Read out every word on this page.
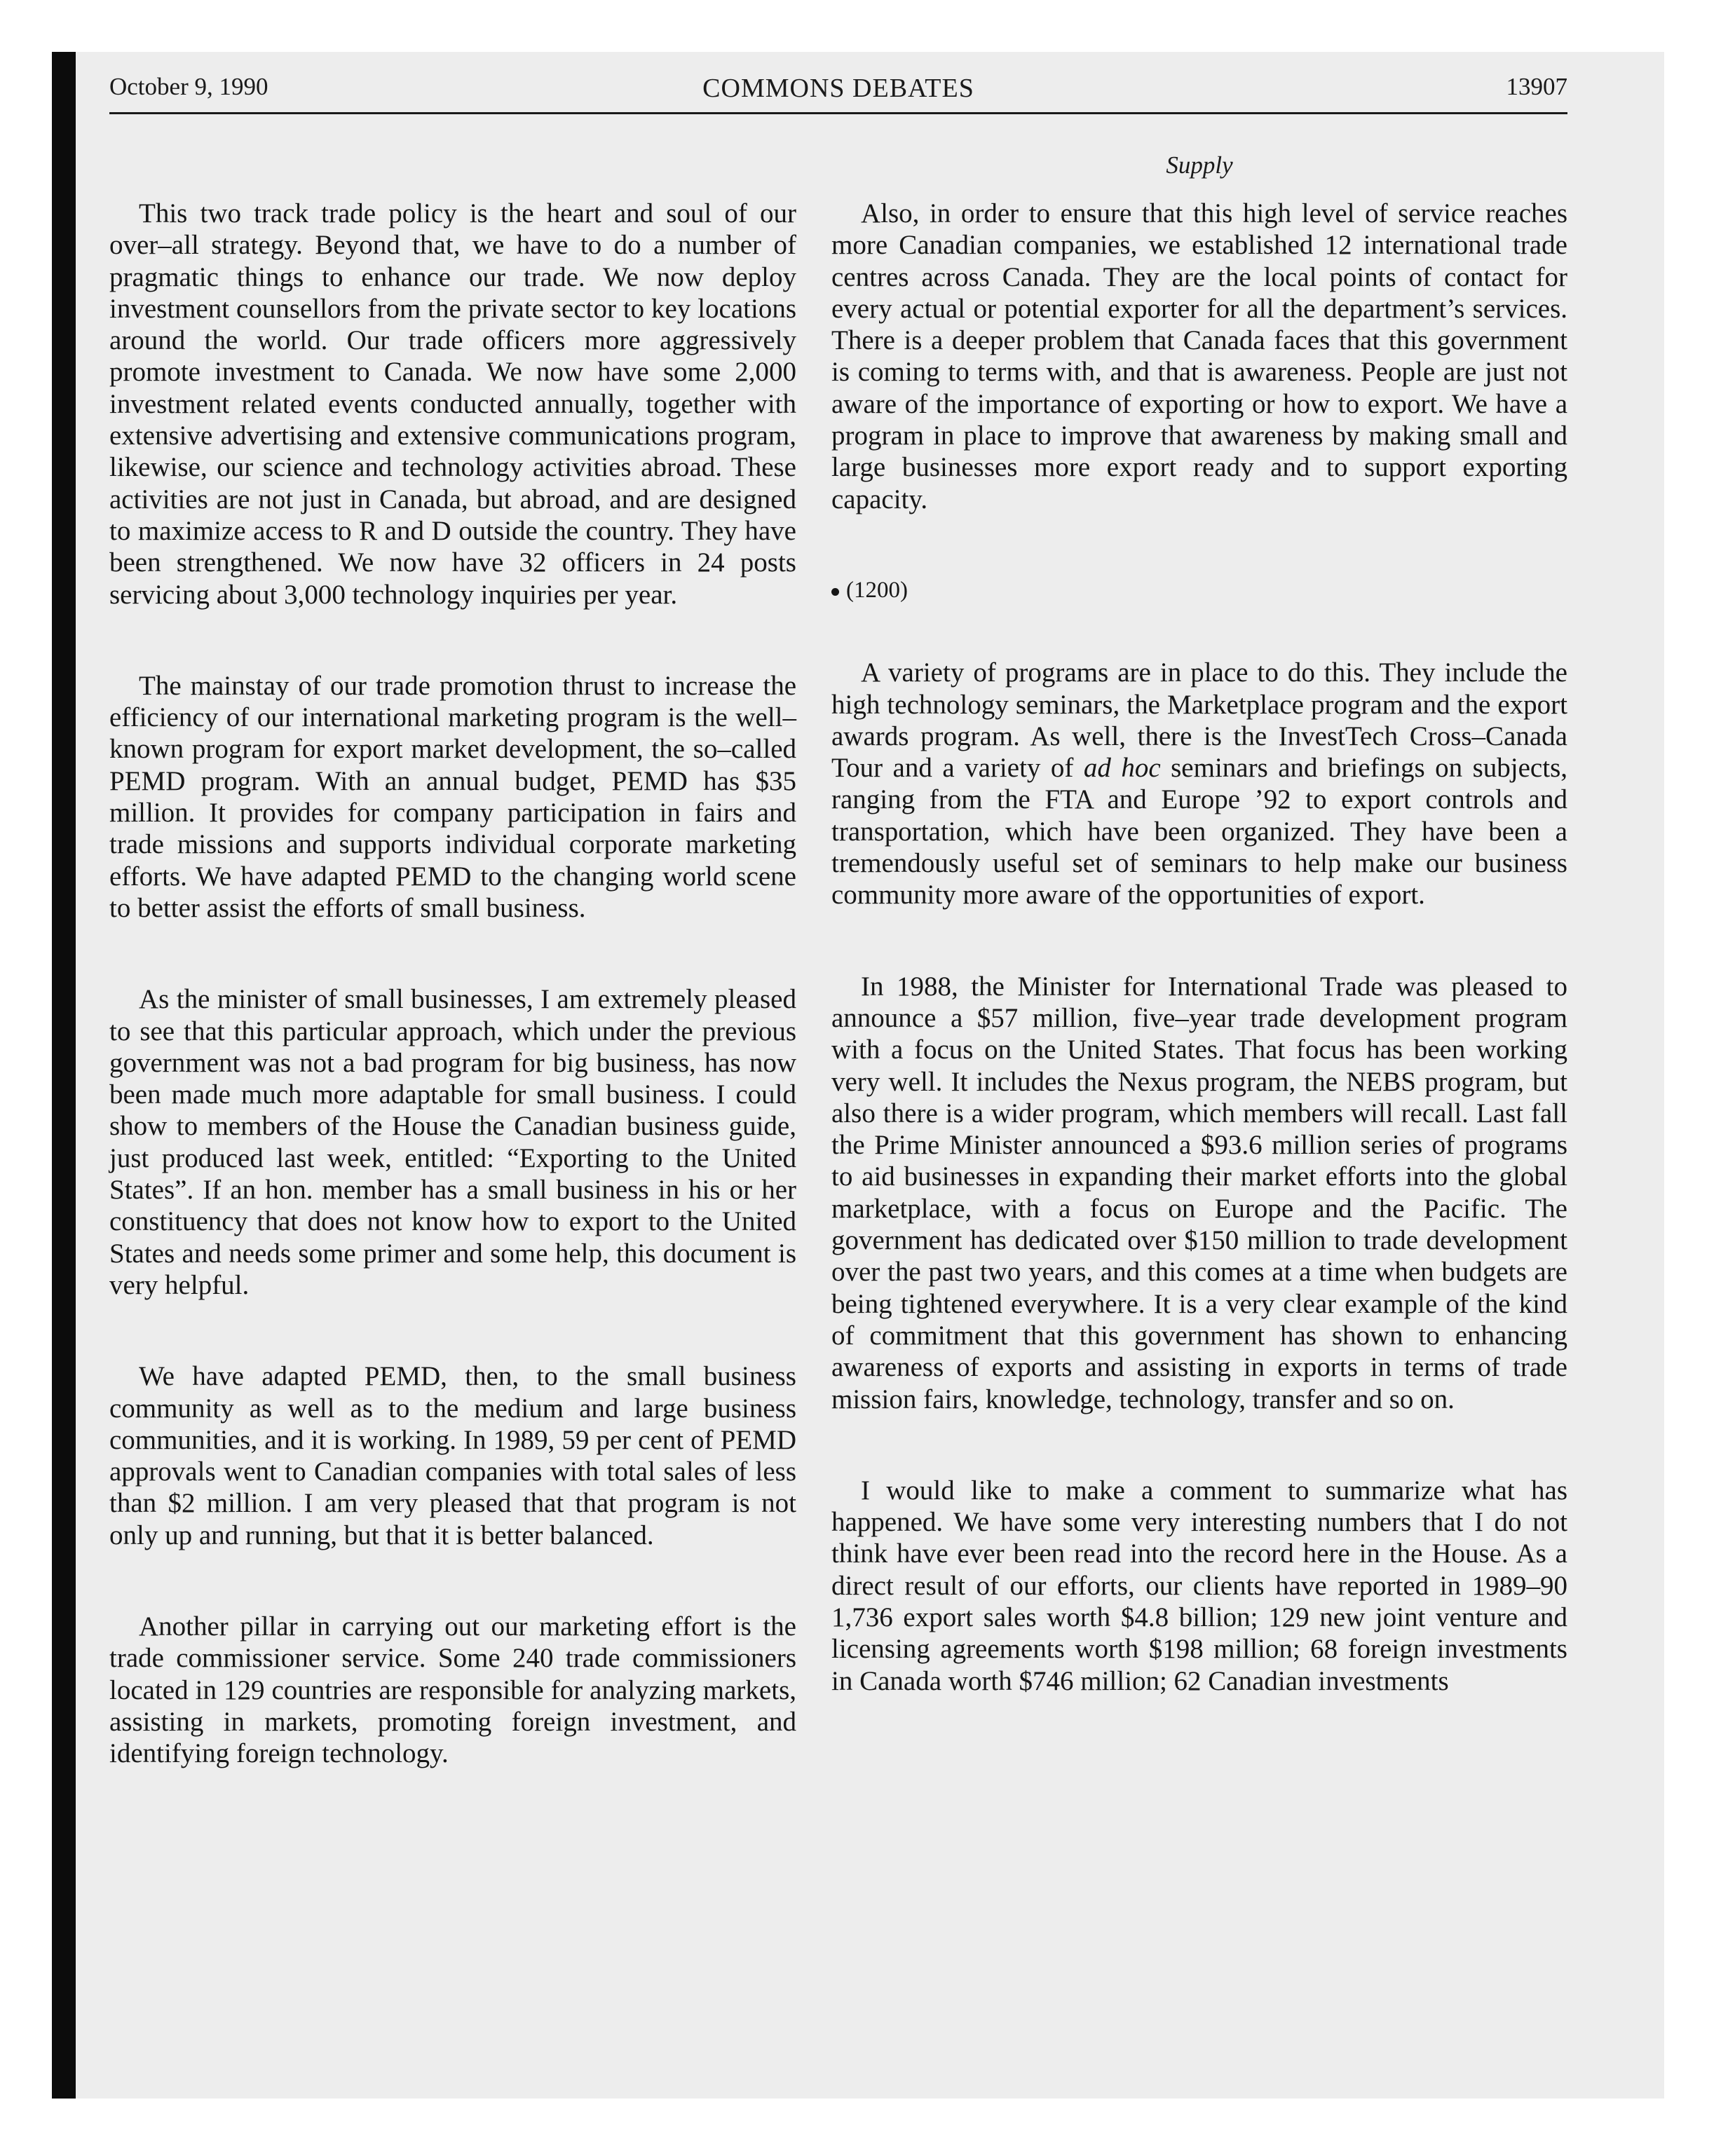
October 9, 1990	COMMONS DEBATES	13907
Supply

This two track trade policy is the heart and soul of our over–all strategy. Beyond that, we have to do a number of pragmatic things to enhance our trade. We now deploy investment counsellors from the private sector to key locations around the world. Our trade officers more aggressively promote investment to Canada. We now have some 2,000 investment related events conducted annually, together with extensive advertising and extensive communications program, likewise, our science and technology activities abroad. These activities are not just in Canada, but abroad, and are designed to maximize access to R and D outside the country. They have been strengthened. We now have 32 officers in 24 posts servicing about 3,000 technology inquiries per year.

The mainstay of our trade promotion thrust to increase the efficiency of our international marketing program is the well–known program for export market development, the so–called PEMD program. With an annual budget, PEMD has $35 million. It provides for company participation in fairs and trade missions and supports individual corporate marketing efforts. We have adapted PEMD to the changing world scene to better assist the efforts of small business.

As the minister of small businesses, I am extremely pleased to see that this particular approach, which under the previous government was not a bad program for big business, has now been made much more adaptable for small business. I could show to members of the House the Canadian business guide, just produced last week, entitled: “Exporting to the United States”. If an hon. member has a small business in his or her constituency that does not know how to export to the United States and needs some primer and some help, this document is very helpful.

We have adapted PEMD, then, to the small business community as well as to the medium and large business communities, and it is working. In 1989, 59 per cent of PEMD approvals went to Canadian companies with total sales of less than $2 million. I am very pleased that that program is not only up and running, but that it is better balanced.

Another pillar in carrying out our marketing effort is the trade commissioner service. Some 240 trade commissioners located in 129 countries are responsible for analyzing markets, assisting in markets, promoting foreign investment, and identifying foreign technology.

Also, in order to ensure that this high level of service reaches more Canadian companies, we established 12 international trade centres across Canada. They are the local points of contact for every actual or potential exporter for all the department’s services. There is a deeper problem that Canada faces that this government is coming to terms with, and that is awareness. People are just not aware of the importance of exporting or how to export. We have a program in place to improve that awareness by making small and large businesses more export ready and to support exporting capacity.

(1200)

A variety of programs are in place to do this. They include the high technology seminars, the Marketplace program and the export awards program. As well, there is the InvestTech Cross–Canada Tour and a variety of ad hoc seminars and briefings on subjects, ranging from the FTA and Europe ’92 to export controls and transportation, which have been organized. They have been a tremendously useful set of seminars to help make our business community more aware of the opportunities of export.

In 1988, the Minister for International Trade was pleased to announce a $57 million, five–year trade development program with a focus on the United States. That focus has been working very well. It includes the Nexus program, the NEBS program, but also there is a wider program, which members will recall. Last fall the Prime Minister announced a $93.6 million series of programs to aid businesses in expanding their market efforts into the global marketplace, with a focus on Europe and the Pacific. The government has dedicated over $150 million to trade development over the past two years, and this comes at a time when budgets are being tightened everywhere. It is a very clear example of the kind of commitment that this government has shown to enhancing awareness of exports and assisting in exports in terms of trade mission fairs, knowledge, technology, transfer and so on.

I would like to make a comment to summarize what has happened. We have some very interesting numbers that I do not think have ever been read into the record here in the House. As a direct result of our efforts, our clients have reported in 1989–90 1,736 export sales worth $4.8 billion; 129 new joint venture and licensing agreements worth $198 million; 68 foreign investments in Canada worth $746 million; 62 Canadian investments
